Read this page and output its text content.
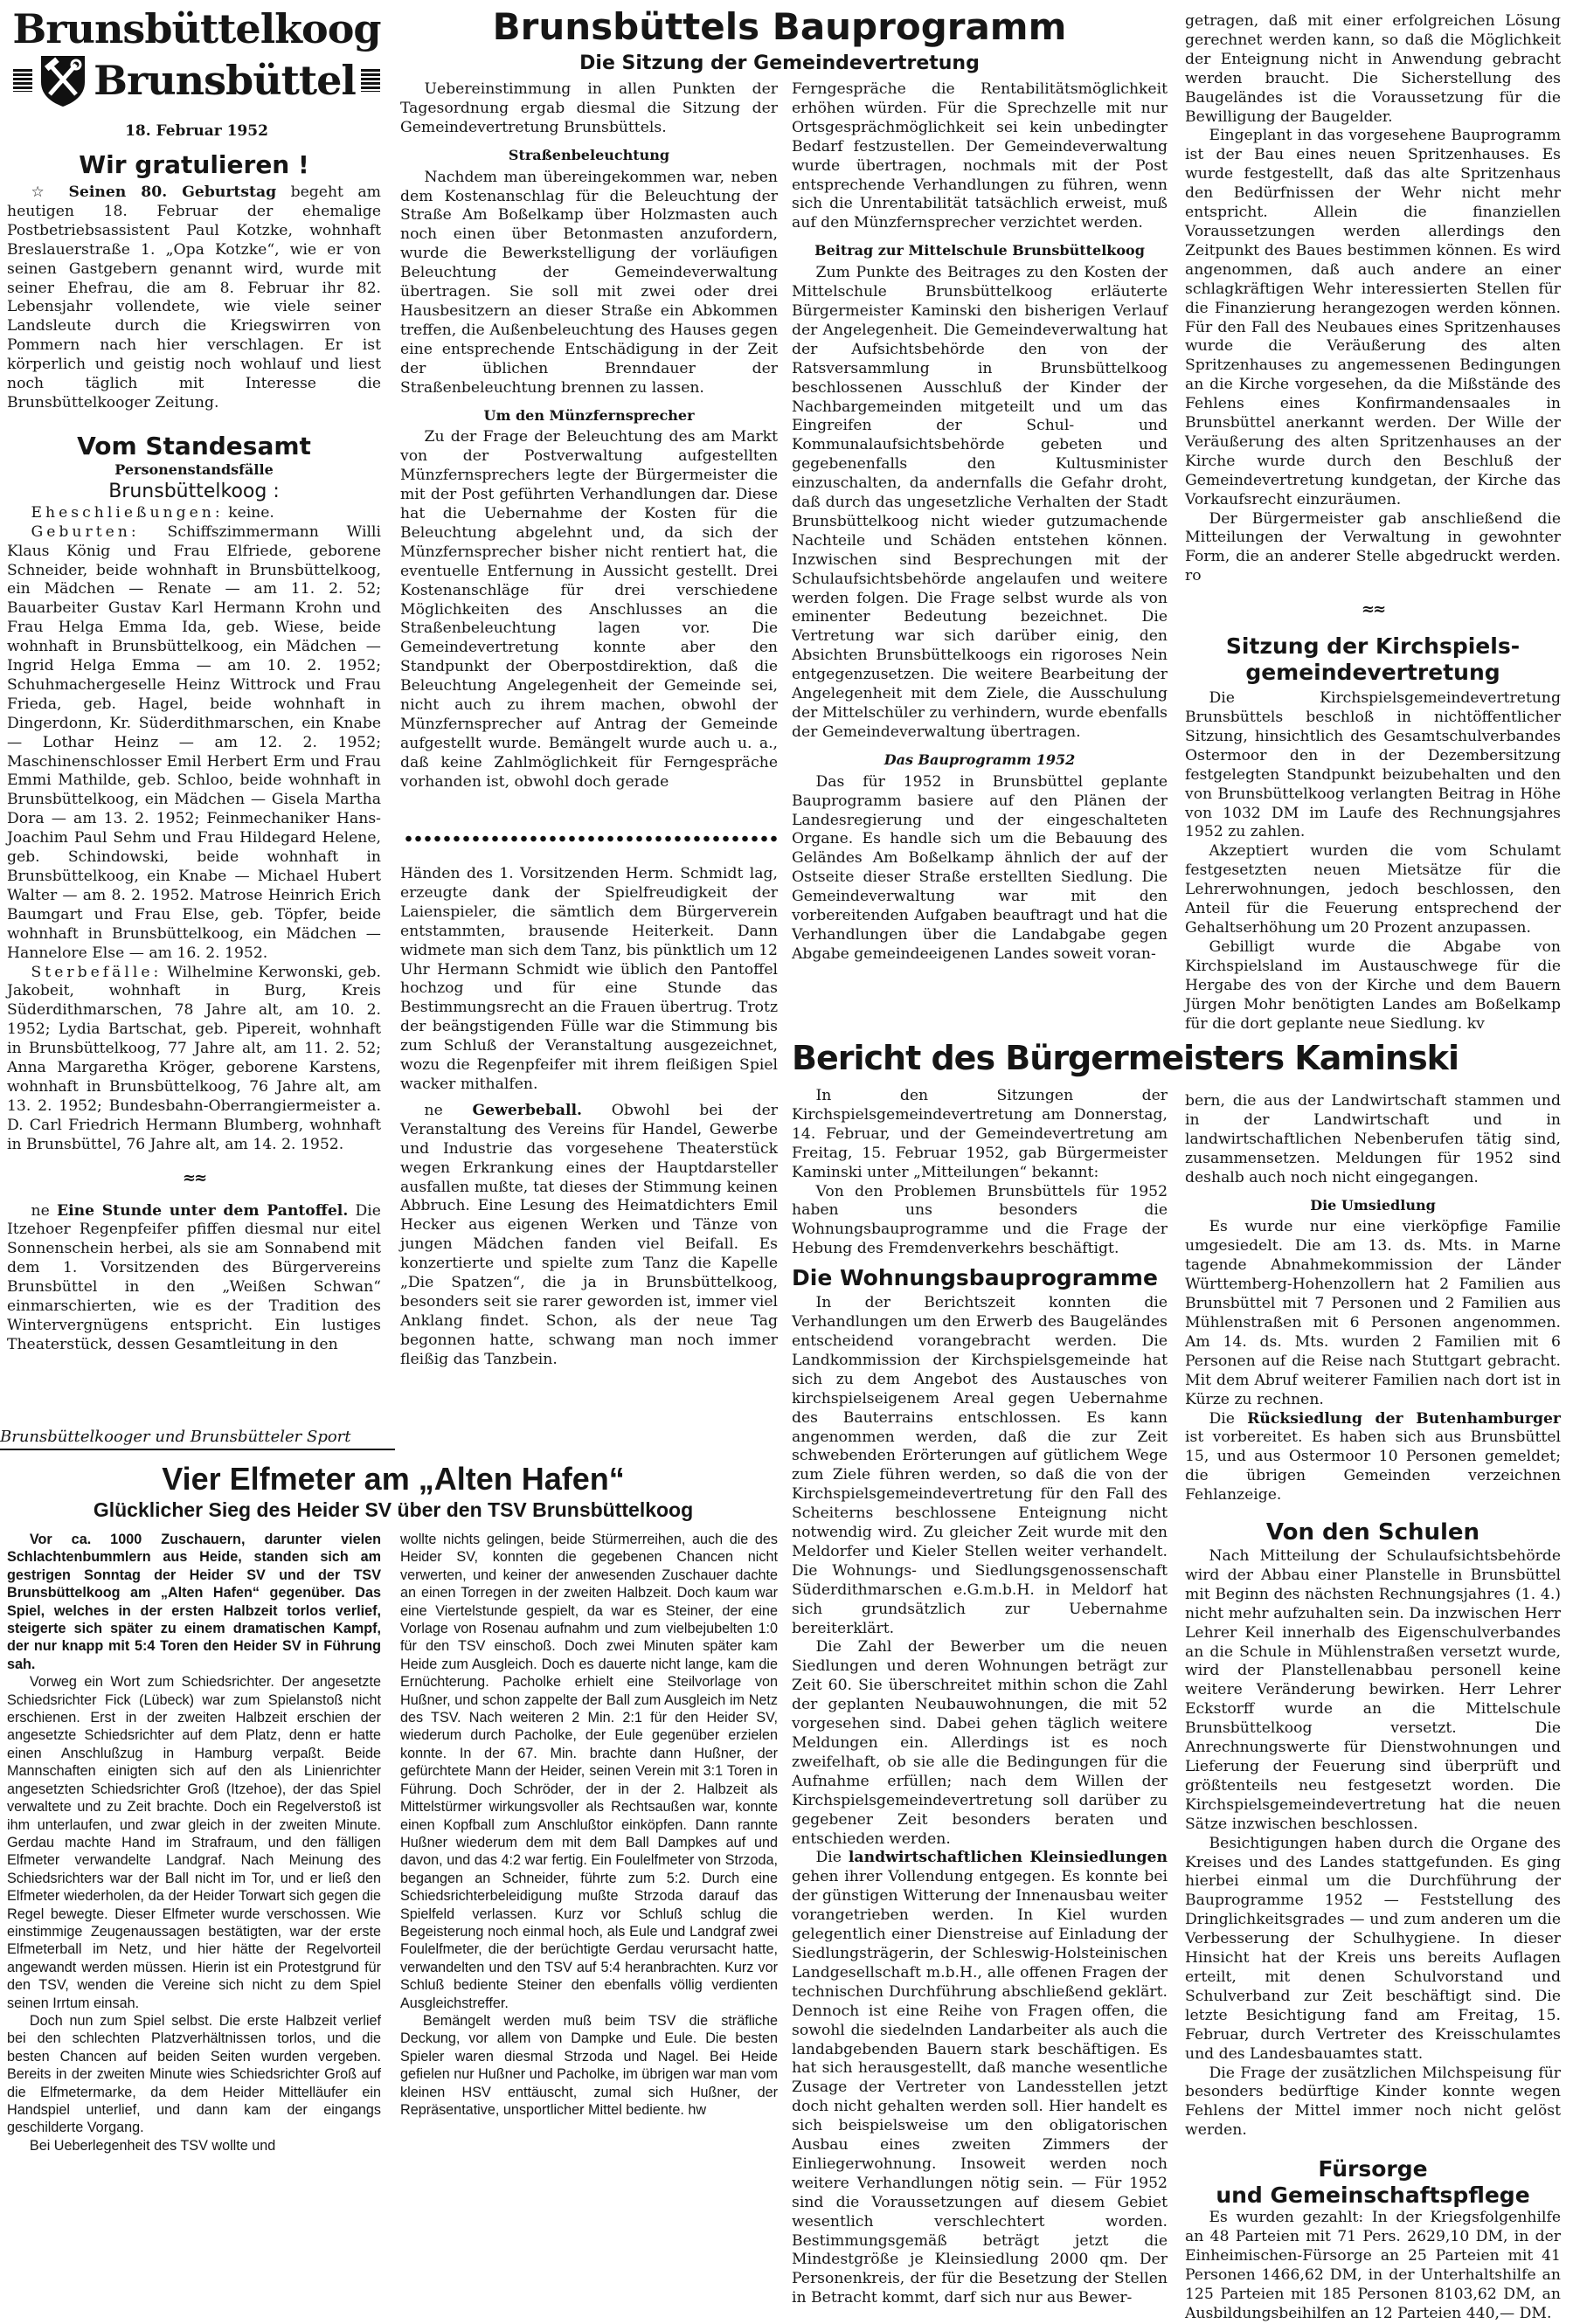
Brunsbüttelkoog
Brunsbüttel
18. Februar 1952
Wir gratulieren !

☆ Seinen 80. Geburtstag begeht am heutigen 18. Februar der ehemalige Postbetriebsassistent Paul Kotzke, wohnhaft Breslauerstraße 1. „Opa Kotzke“, wie er von seinen Gastgebern genannt wird, wurde mit seiner Ehefrau, die am 8. Februar ihr 82. Lebensjahr vollendete, wie viele seiner Landsleute durch die Kriegswirren von Pommern nach hier verschlagen. Er ist körperlich und geistig noch wohlauf und liest noch täglich mit Interesse die Brunsbüttelkooger Zeitung.

Vom Standesamt
Personenstandsfälle
Brunsbüttelkoog :

Eheschließungen: keine.

Geburten: Schiffszimmermann Willi Klaus König und Frau Elfriede, geborene Schneider, beide wohnhaft in Brunsbüttelkoog, ein Mädchen — Renate — am 11. 2. 52; Bauarbeiter Gustav Karl Hermann Krohn und Frau Helga Emma Ida, geb. Wiese, beide wohnhaft in Brunsbüttelkoog, ein Mädchen — Ingrid Helga Emma — am 10. 2. 1952; Schuhmachergeselle Heinz Wittrock und Frau Frieda, geb. Hagel, beide wohnhaft in Dingerdonn, Kr. Süderdithmarschen, ein Knabe — Lothar Heinz — am 12. 2. 1952; Maschinenschlosser Emil Herbert Erm und Frau Emmi Mathilde, geb. Schloo, beide wohnhaft in Brunsbüttelkoog, ein Mädchen — Gisela Martha Dora — am 13. 2. 1952; Feinmechaniker Hans-Joachim Paul Sehm und Frau Hildegard Helene, geb. Schindowski, beide wohnhaft in Brunsbüttelkoog, ein Knabe — Michael Hubert Walter — am 8. 2. 1952. Matrose Heinrich Erich Baumgart und Frau Else, geb. Töpfer, beide wohnhaft in Brunsbüttelkoog, ein Mädchen — Hannelore Else — am 16. 2. 1952.

Sterbefälle: Wilhelmine Kerwonski, geb. Jakobeit, wohnhaft in Burg, Kreis Süderdithmarschen, 78 Jahre alt, am 10. 2. 1952; Lydia Bartschat, geb. Pipereit, wohnhaft in Brunsbüttelkoog, 77 Jahre alt, am 11. 2. 52; Anna Margaretha Kröger, geborene Karstens, wohnhaft in Brunsbüttelkoog, 76 Jahre alt, am 13. 2. 1952; Bundesbahn-Oberrangiermeister a. D. Carl Friedrich Hermann Blumberg, wohnhaft in Brunsbüttel, 76 Jahre alt, am 14. 2. 1952.

≈≈

ne Eine Stunde unter dem Pantoffel. Die Itzehoer Regenpfeifer pfiffen diesmal nur eitel Sonnenschein herbei, als sie am Sonnabend mit dem 1. Vorsitzenden des Bürgervereins Brunsbüttel in den „Weißen Schwan“ einmarschierten, wie es der Tradition des Wintervergnügens entspricht. Ein lustiges Theaterstück, dessen Gesamtleitung in den

Brunsbüttels Bauprogramm
Die Sitzung der Gemeindevertretung

Uebereinstimmung in allen Punkten der Tagesordnung ergab diesmal die Sitzung der Gemeindevertretung Brunsbüttels.

Straßenbeleuchtung

Nachdem man übereingekommen war, neben dem Kostenanschlag für die Beleuchtung der Straße Am Boßelkamp über Holzmasten auch noch einen über Betonmasten anzufordern, wurde die Bewerkstelligung der vorläufigen Beleuchtung der Gemeindeverwaltung übertragen. Sie soll mit zwei oder drei Hausbesitzern an dieser Straße ein Abkommen treffen, die Außenbeleuchtung des Hauses gegen eine entsprechende Entschädigung in der Zeit der üblichen Brenndauer der Straßenbeleuchtung brennen zu lassen.

Um den Münzfernsprecher

Zu der Frage der Beleuchtung des am Markt von der Postverwaltung aufgestellten Münzfernsprechers legte der Bürgermeister die mit der Post geführten Verhandlungen dar. Diese hat die Uebernahme der Kosten für die Beleuchtung abgelehnt und, da sich der Münzfernsprecher bisher nicht rentiert hat, die eventuelle Entfernung in Aussicht gestellt. Drei Kostenanschläge für drei verschiedene Möglichkeiten des Anschlusses an die Straßenbeleuchtung lagen vor. Die Gemeindevertretung konnte aber den Standpunkt der Oberpostdirektion, daß die Beleuchtung Angelegenheit der Gemeinde sei, nicht auch zu ihrem machen, obwohl der Münzfernsprecher auf Antrag der Gemeinde aufgestellt wurde. Bemängelt wurde auch u. a., daß keine Zahlmöglichkeit für Ferngespräche vorhanden ist, obwohl doch gerade

Händen des 1. Vorsitzenden Herm. Schmidt lag, erzeugte dank der Spielfreudigkeit der Laienspieler, die sämtlich dem Bürgerverein entstammten, brausende Heiterkeit. Dann widmete man sich dem Tanz, bis pünktlich um 12 Uhr Hermann Schmidt wie üblich den Pantoffel hochzog und für eine Stunde das Bestimmungsrecht an die Frauen übertrug. Trotz der beängstigenden Fülle war die Stimmung bis zum Schluß der Veranstaltung ausgezeichnet, wozu die Regenpfeifer mit ihrem fleißigen Spiel wacker mithalfen.

ne Gewerbeball. Obwohl bei der Veranstaltung des Vereins für Handel, Gewerbe und Industrie das vorgesehene Theaterstück wegen Erkrankung eines der Hauptdarsteller ausfallen mußte, tat dieses der Stimmung keinen Abbruch. Eine Lesung des Heimatdichters Emil Hecker aus eigenen Werken und Tänze von jungen Mädchen fanden viel Beifall. Es konzertierte und spielte zum Tanz die Kapelle „Die Spatzen“, die ja in Brunsbüttelkoog, besonders seit sie rarer geworden ist, immer viel Anklang findet. Schon, als der neue Tag begonnen hatte, schwang man noch immer fleißig das Tanzbein.

Ferngespräche die Rentabilitätsmöglichkeit erhöhen würden. Für die Sprechzelle mit nur Ortsgesprächmöglichkeit sei kein unbedingter Bedarf festzustellen. Der Gemeindeverwaltung wurde übertragen, nochmals mit der Post entsprechende Verhandlungen zu führen, wenn sich die Unrentabilität tatsächlich erweist, muß auf den Münzfernsprecher verzichtet werden.

Beitrag zur Mittelschule Brunsbüttelkoog

Zum Punkte des Beitrages zu den Kosten der Mittelschule Brunsbüttelkoog erläuterte Bürgermeister Kaminski den bisherigen Verlauf der Angelegenheit. Die Gemeindeverwaltung hat der Aufsichtsbehörde den von der Ratsversammlung in Brunsbüttelkoog beschlossenen Ausschluß der Kinder der Nachbargemeinden mitgeteilt und um das Eingreifen der Schul- und Kommunalaufsichtsbehörde gebeten und gegebenenfalls den Kultusminister einzuschalten, da andernfalls die Gefahr droht, daß durch das ungesetzliche Verhalten der Stadt Brunsbüttelkoog nicht wieder gutzumachende Nachteile und Schäden entstehen können. Inzwischen sind Besprechungen mit der Schulaufsichtsbehörde angelaufen und weitere werden folgen. Die Frage selbst wurde als von eminenter Bedeutung bezeichnet. Die Vertretung war sich darüber einig, den Absichten Brunsbüttelkoogs ein rigoroses Nein entgegenzusetzen. Die weitere Bearbeitung der Angelegenheit mit dem Ziele, die Ausschulung der Mittelschüler zu verhindern, wurde ebenfalls der Gemeindeverwaltung übertragen.

Das Bauprogramm 1952

Das für 1952 in Brunsbüttel geplante Bauprogramm basiere auf den Plänen der Landesregierung und der eingeschalteten Organe. Es handle sich um die Bebauung des Geländes Am Boßelkamp ähnlich der auf der Ostseite dieser Straße erstellten Siedlung. Die Gemeindeverwaltung war mit den vorbereitenden Aufgaben beauftragt und hat die Verhandlungen über die Landabgabe gegen Abgabe gemeindeeigenen Landes soweit voran-

getragen, daß mit einer erfolgreichen Lösung gerechnet werden kann, so daß die Möglichkeit der Enteignung nicht in Anwendung gebracht werden braucht. Die Sicherstellung des Baugeländes ist die Voraussetzung für die Bewilligung der Baugelder.

Eingeplant in das vorgesehene Bauprogramm ist der Bau eines neuen Spritzenhauses. Es wurde festgestellt, daß das alte Spritzenhaus den Bedürfnissen der Wehr nicht mehr entspricht. Allein die finanziellen Voraussetzungen werden allerdings den Zeitpunkt des Baues bestimmen können. Es wird angenommen, daß auch andere an einer schlagkräftigen Wehr interessierten Stellen für die Finanzierung herangezogen werden können. Für den Fall des Neubaues eines Spritzenhauses wurde die Veräußerung des alten Spritzenhauses zu angemessenen Bedingungen an die Kirche vorgesehen, da die Mißstände des Fehlens eines Konfirmandensaales in Brunsbüttel anerkannt werden. Der Wille der Veräußerung des alten Spritzenhauses an der Kirche wurde durch den Beschluß der Gemeindevertretung kundgetan, der Kirche das Vorkaufsrecht einzuräumen.

Der Bürgermeister gab anschließend die Mitteilungen der Verwaltung in gewohnter Form, die an anderer Stelle abgedruckt werden. ro

≈≈
Sitzung der Kirchspiels-
gemeindevertretung

Die Kirchspielsgemeindevertretung Brunsbüttels beschloß in nichtöffentlicher Sitzung, hinsichtlich des Gesamtschulverbandes Ostermoor den in der Dezembersitzung festgelegten Standpunkt beizubehalten und den von Brunsbüttelkoog verlangten Beitrag in Höhe von 1032 DM im Laufe des Rechnungsjahres 1952 zu zahlen.

Akzeptiert wurden die vom Schulamt festgesetzten neuen Mietsätze für die Lehrerwohnungen, jedoch beschlossen, den Anteil für die Feuerung entsprechend der Gehaltserhöhung um 20 Prozent anzupassen.

Gebilligt wurde die Abgabe von Kirchspielsland im Austauschwege für die Hergabe des von der Kirche und dem Bauern Jürgen Mohr benötigten Landes am Boßelkamp für die dort geplante neue Siedlung. kv

Bericht des Bürgermeisters Kaminski

In den Sitzungen der Kirchspielsgemeindevertretung am Donnerstag, 14. Februar, und der Gemeindevertretung am Freitag, 15. Februar 1952, gab Bürgermeister Kaminski unter „Mitteilungen“ bekannt:

Von den Problemen Brunsbüttels für 1952 haben uns besonders die Wohnungsbauprogramme und die Frage der Hebung des Fremdenverkehrs beschäftigt.

Die Wohnungsbauprogramme

In der Berichtszeit konnten die Verhandlungen um den Erwerb des Baugeländes entscheidend vorangebracht werden. Die Landkommission der Kirchspielsgemeinde hat sich zu dem Angebot des Austausches von kirchspielseigenem Areal gegen Uebernahme des Bauterrains entschlossen. Es kann angenommen werden, daß die zur Zeit schwebenden Erörterungen auf gütlichem Wege zum Ziele führen werden, so daß die von der Kirchspielsgemeindevertretung für den Fall des Scheiterns beschlossene Enteignung nicht notwendig wird. Zu gleicher Zeit wurde mit den Meldorfer und Kieler Stellen weiter verhandelt. Die Wohnungs- und Siedlungsgenossenschaft Süderdithmarschen e.G.m.b.H. in Meldorf hat sich grundsätzlich zur Uebernahme bereiterklärt.

Die Zahl der Bewerber um die neuen Siedlungen und deren Wohnungen beträgt zur Zeit 60. Sie überschreitet mithin schon die Zahl der geplanten Neubauwohnungen, die mit 52 vorgesehen sind. Dabei gehen täglich weitere Meldungen ein. Allerdings ist es noch zweifelhaft, ob sie alle die Bedingungen für die Aufnahme erfüllen; nach dem Willen der Kirchspielsgemeindevertretung soll darüber zu gegebener Zeit besonders beraten und entschieden werden.

Die landwirtschaftlichen Kleinsiedlungen gehen ihrer Vollendung entgegen. Es konnte bei der günstigen Witterung der Innenausbau weiter vorangetrieben werden. In Kiel wurden gelegentlich einer Dienstreise auf Einladung der Siedlungsträgerin, der Schleswig-Holsteinischen Landgesellschaft m.b.H., alle offenen Fragen der technischen Durchführung abschließend geklärt. Dennoch ist eine Reihe von Fragen offen, die sowohl die siedelnden Landarbeiter als auch die landabgebenden Bauern stark beschäftigen. Es hat sich herausgestellt, daß manche wesentliche Zusage der Vertreter von Landesstellen jetzt doch nicht gehalten werden soll. Hier handelt es sich beispielsweise um den obligatorischen Ausbau eines zweiten Zimmers der Einliegerwohnung. Insoweit werden noch weitere Verhandlungen nötig sein. — Für 1952 sind die Voraussetzungen auf diesem Gebiet wesentlich verschlechtert worden. Bestimmungsgemäß beträgt jetzt die Mindestgröße je Kleinsiedlung 2000 qm. Der Personenkreis, der für die Besetzung der Stellen in Betracht kommt, darf sich nur aus Bewer-

bern, die aus der Landwirtschaft stammen und in der Landwirtschaft und in landwirtschaftlichen Nebenberufen tätig sind, zusammensetzen. Meldungen für 1952 sind deshalb auch noch nicht eingegangen.

Die Umsiedlung

Es wurde nur eine vierköpfige Familie umgesiedelt. Die am 13. ds. Mts. in Marne tagende Abnahmekommission der Länder Württemberg-Hohenzollern hat 2 Familien aus Brunsbüttel mit 7 Personen und 2 Familien aus Mühlenstraßen mit 6 Personen angenommen. Am 14. ds. Mts. wurden 2 Familien mit 6 Personen auf die Reise nach Stuttgart gebracht. Mit dem Abruf weiterer Familien nach dort ist in Kürze zu rechnen.

Die Rücksiedlung der Butenhamburger ist vorbereitet. Es haben sich aus Brunsbüttel 15, und aus Ostermoor 10 Personen gemeldet; die übrigen Gemeinden verzeichnen Fehlanzeige.

Von den Schulen

Nach Mitteilung der Schulaufsichtsbehörde wird der Abbau einer Planstelle in Brunsbüttel mit Beginn des nächsten Rechnungsjahres (1. 4.) nicht mehr aufzuhalten sein. Da inzwischen Herr Lehrer Keil innerhalb des Eigenschulverbandes an die Schule in Mühlenstraßen versetzt wurde, wird der Planstellenabbau personell keine weitere Veränderung bewirken. Herr Lehrer Eckstorff wurde an die Mittelschule Brunsbüttelkoog versetzt. Die Anrechnungswerte für Dienstwohnungen und Lieferung der Feuerung sind überprüft und größtenteils neu festgesetzt worden. Die Kirchspielsgemeindevertretung hat die neuen Sätze inzwischen beschlossen.

Besichtigungen haben durch die Organe des Kreises und des Landes stattgefunden. Es ging hierbei einmal um die Durchführung der Bauprogramme 1952 — Feststellung des Dringlichkeitsgrades — und zum anderen um die Verbesserung der Schulhygiene. In dieser Hinsicht hat der Kreis uns bereits Auflagen erteilt, mit denen Schulvorstand und Schulverband zur Zeit beschäftigt sind. Die letzte Besichtigung fand am Freitag, 15. Februar, durch Vertreter des Kreisschulamtes und des Landesbauamtes statt.

Die Frage der zusätzlichen Milchspeisung für besonders bedürftige Kinder konnte wegen Fehlens der Mittel immer noch nicht gelöst werden.

Fürsorge
und Gemeinschaftspflege

Es wurden gezahlt: In der Kriegsfolgenhilfe an 48 Parteien mit 71 Pers. 2629,10 DM, in der Einheimischen-Fürsorge an 25 Parteien mit 41 Personen 1466,62 DM, in der Unterhaltshilfe an 125 Parteien mit 185 Personen 8103,62 DM, an Ausbildungsbeihilfen an 12 Parteien 440,— DM.

Brunsbüttelkooger und Brunsbütteler Sport
Vier Elfmeter am „Alten Hafen“
Glücklicher Sieg des Heider SV über den TSV Brunsbüttelkoog

Vor ca. 1000 Zuschauern, darunter vielen Schlachtenbummlern aus Heide, standen sich am gestrigen Sonntag der Heider SV und der TSV Brunsbüttelkoog am „Alten Hafen“ gegenüber. Das Spiel, welches in der ersten Halbzeit torlos verlief, steigerte sich später zu einem dramatischen Kampf, der nur knapp mit 5:4 Toren den Heider SV in Führung sah.

Vorweg ein Wort zum Schiedsrichter. Der angesetzte Schiedsrichter Fick (Lübeck) war zum Spielanstoß nicht erschienen. Erst in der zweiten Halbzeit erschien der angesetzte Schiedsrichter auf dem Platz, denn er hatte einen Anschlußzug in Hamburg verpaßt. Beide Mannschaften einigten sich auf den als Linienrichter angesetzten Schiedsrichter Groß (Itzehoe), der das Spiel verwaltete und zu Zeit brachte. Doch ein Regelverstoß ist ihm unterlaufen, und zwar gleich in der zweiten Minute. Gerdau machte Hand im Strafraum, und den fälligen Elfmeter verwandelte Landgraf. Nach Meinung des Schiedsrichters war der Ball nicht im Tor, und er ließ den Elfmeter wiederholen, da der Heider Torwart sich gegen die Regel bewegte. Dieser Elfmeter wurde verschossen. Wie einstimmige Zeugenaussagen bestätigten, war der erste Elfmeterball im Netz, und hier hätte der Regelvorteil angewandt werden müssen. Hierin ist ein Protestgrund für den TSV, wenden die Vereine sich nicht zu dem Spiel seinen Irrtum einsah.

Doch nun zum Spiel selbst. Die erste Halbzeit verlief bei den schlechten Platzverhältnissen torlos, und die besten Chancen auf beiden Seiten wurden vergeben. Bereits in der zweiten Minute wies Schiedsrichter Groß auf die Elfmetermarke, da dem Heider Mittelläufer ein Handspiel unterlief, und dann kam der eingangs geschilderte Vorgang.

Bei Ueberlegenheit des TSV wollte und

wollte nichts gelingen, beide Stürmerreihen, auch die des Heider SV, konnten die gegebenen Chancen nicht verwerten, und keiner der anwesenden Zuschauer dachte an einen Torregen in der zweiten Halbzeit. Doch kaum war eine Viertelstunde gespielt, da war es Steiner, der eine Vorlage von Rosenau aufnahm und zum vielbejubelten 1:0 für den TSV einschoß. Doch zwei Minuten später kam Heide zum Ausgleich. Doch es dauerte nicht lange, kam die Ernüchterung. Pacholke erhielt eine Steilvorlage von Hußner, und schon zappelte der Ball zum Ausgleich im Netz des TSV. Nach weiteren 2 Min. 2:1 für den Heider SV, wiederum durch Pacholke, der Eule gegenüber erzielen konnte. In der 67. Min. brachte dann Hußner, der gefürchtete Mann der Heider, seinen Verein mit 3:1 Toren in Führung. Doch Schröder, der in der 2. Halbzeit als Mittelstürmer wirkungsvoller als Rechtsaußen war, konnte einen Kopfball zum Anschlußtor einköpfen. Dann rannte Hußner wiederum dem mit dem Ball Dampkes auf und davon, und das 4:2 war fertig. Ein Foulelfmeter von Strzoda, begangen an Schneider, führte zum 5:2. Durch eine Schiedsrichterbeleidigung mußte Strzoda darauf das Spielfeld verlassen. Kurz vor Schluß schlug die Begeisterung noch einmal hoch, als Eule und Landgraf zwei Foulelfmeter, die der berüchtigte Gerdau verursacht hatte, verwandelten und den TSV auf 5:4 heranbrachten. Kurz vor Schluß bediente Steiner den ebenfalls völlig verdienten Ausgleichstreffer.

Bemängelt werden muß beim TSV die sträfliche Deckung, vor allem von Dampke und Eule. Die besten Spieler waren diesmal Strzoda und Nagel. Bei Heide gefielen nur Hußner und Pacholke, im übrigen war man vom kleinen HSV enttäuscht, zumal sich Hußner, der Repräsentative, unsportlicher Mittel bediente. hw
